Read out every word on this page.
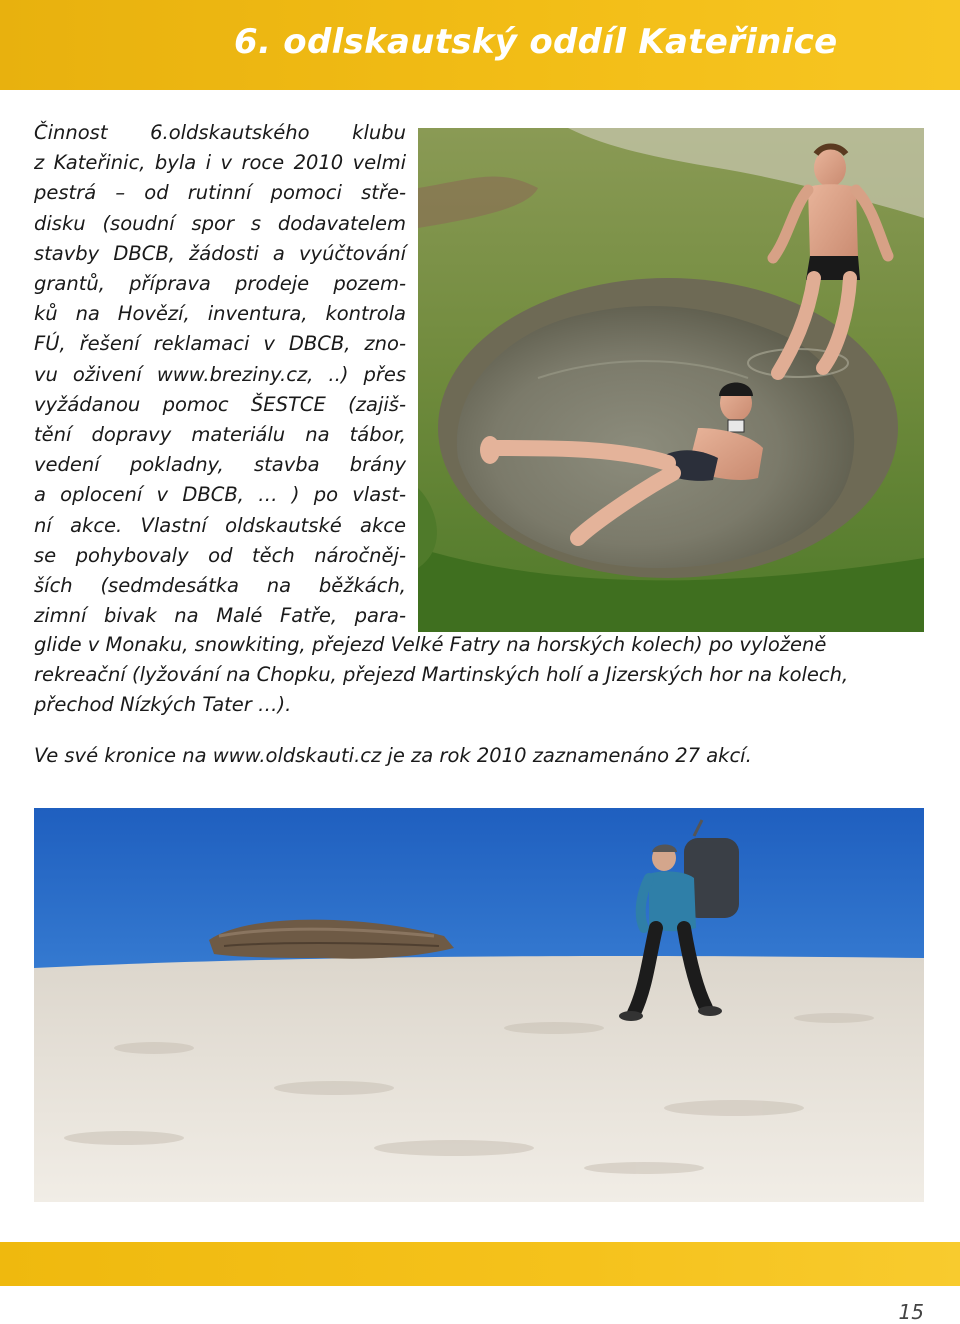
6. odlskautský oddíl Kateřinice
Činnost 6.oldskautského klubu
z Kateřinic, byla i v roce 2010 velmi
pestrá – od rutinní pomoci stře-
disku (soudní spor s dodavatelem
stavby DBCB, žádosti a vyúčtování
grantů, příprava prodeje pozem-
ků na Hovězí, inventura, kontrola
FÚ, řešení reklamaci v DBCB, zno-
vu oživení www.breziny.cz, ..) přes
vyžádanou pomoc ŠESTCE (zajiš-
tění dopravy materiálu na tábor,
vedení pokladny, stavba brány
a oplocení v DBCB, … ) po vlast-
ní akce. Vlastní oldskautské akce
se pohybovaly od těch náročněj-
ších (sedmdesátka na běžkách,
zimní bivak na Malé Fatře, para-
glide v Monaku, snowkiting, přejezd Velké Fatry na horských kolech) po vyloženě
rekreační (lyžování na Chopku, přejezd Martinských holí a Jizerských hor na kolech,
přechod Nízkých Tater …).
Ve své kronice na www.oldskauti.cz je za rok 2010 zaznamenáno 27 akcí.
15
